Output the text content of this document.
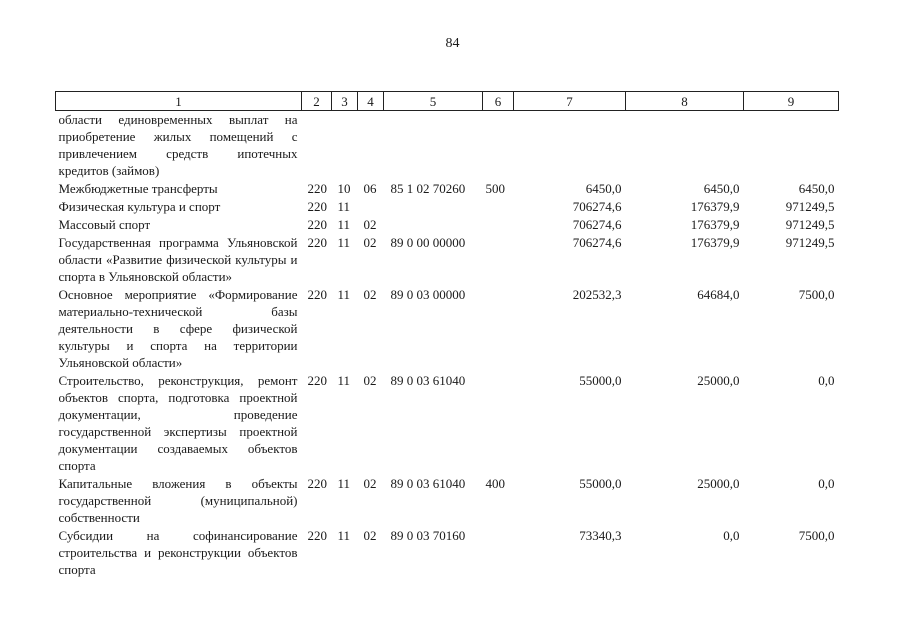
84
1	2	3	4	5	6	7	8	9
области единовременных выплат на приобретение жилых помещений с привлечением средств ипотечных кредитов (займов)								
Межбюджетные трансферты	220	10	06	85 1 02 70260	500	6450,0	6450,0	6450,0
Физическая культура и спорт	220	11				706274,6	176379,9	971249,5
Массовый спорт	220	11	02			706274,6	176379,9	971249,5
Государственная программа Ульяновской области «Развитие физической культуры и спорта в Ульяновской области»	220	11	02	89 0 00 00000		706274,6	176379,9	971249,5
Основное мероприятие «Формирование материально-технической базы деятельности в сфере физической культуры и спорта на территории Ульяновской области»	220	11	02	89 0 03 00000		202532,3	64684,0	7500,0
Строительство, реконструкция, ремонт объектов спорта, подготовка проектной документации, проведение государственной экспертизы проектной документации создаваемых объектов спорта	220	11	02	89 0 03 61040		55000,0	25000,0	0,0
Капитальные вложения в объекты государственной (муниципальной) собственности	220	11	02	89 0 03 61040	400	55000,0	25000,0	0,0
Субсидии на софинансирование строительства и реконструкции объектов спорта	220	11	02	89 0 03 70160		73340,3	0,0	7500,0
